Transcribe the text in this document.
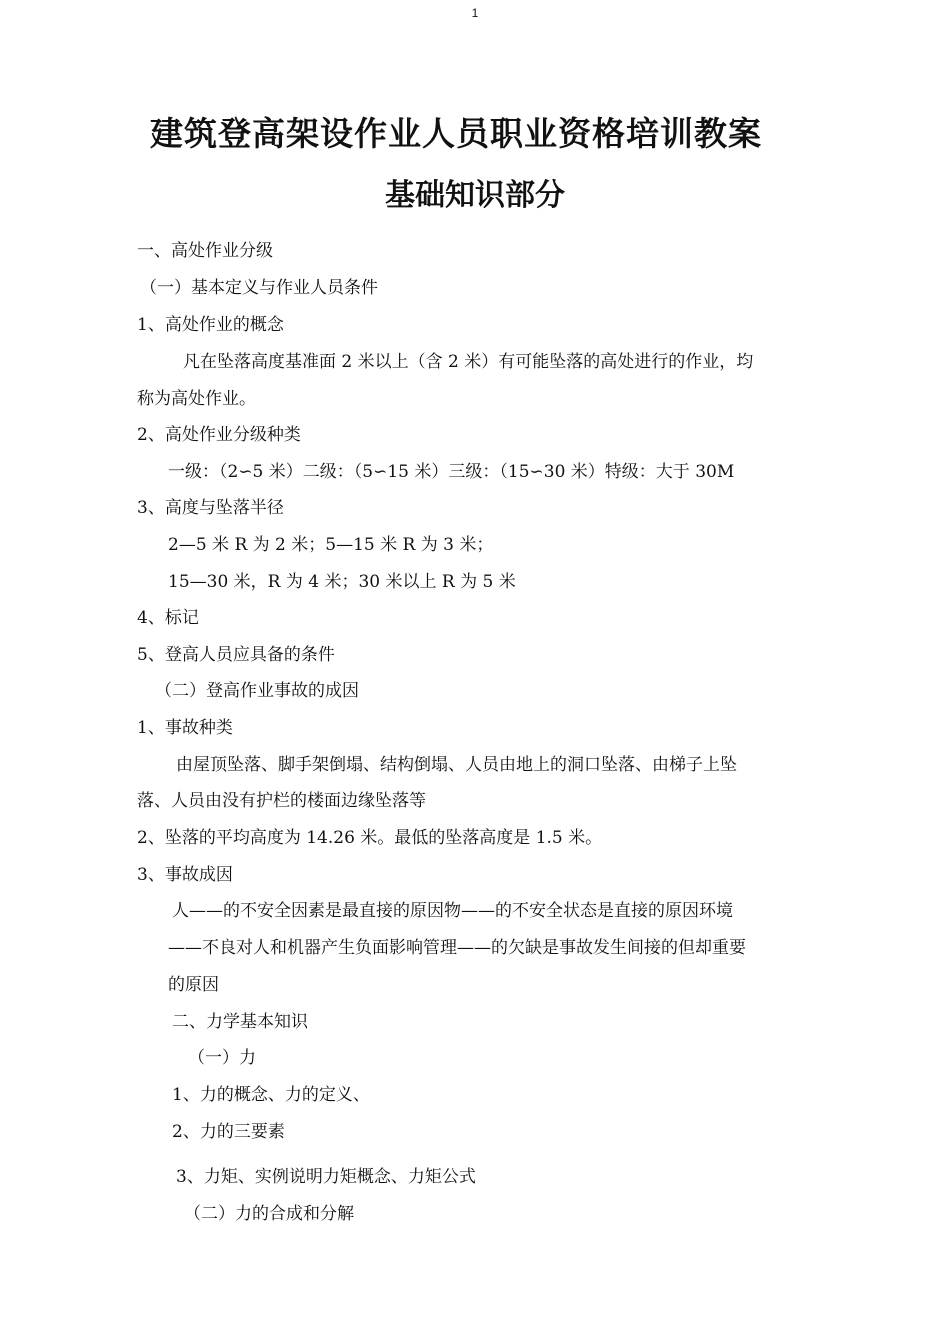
1
建筑登高架设作业人员职业资格培训教案
基础知识部分
一、高处作业分级
（一）基本定义与作业人员条件
1、高处作业的概念
凡在坠落高度基准面 2 米以上（含 2 米）有可能坠落的高处进行的作业，均
称为高处作业。
2、高处作业分级种类
一级：（2∽5 米）二级：（5∽15 米）三级：（15∽30 米）特级：大于 30M
3、高度与坠落半径
2—5 米 R 为 2 米；5—15 米 R 为 3 米；
15—30 米，R 为 4 米；30 米以上 R 为 5 米
4、标记
5、登高人员应具备的条件
（二）登高作业事故的成因
1、事故种类
由屋顶坠落、脚手架倒塌、结构倒塌、人员由地上的洞口坠落、由梯子上坠
落、人员由没有护栏的楼面边缘坠落等
2、坠落的平均高度为 14.26 米。最低的坠落高度是 1.5 米。
3、事故成因
人——的不安全因素是最直接的原因物——的不安全状态是直接的原因环境
——不良对人和机器产生负面影响管理——的欠缺是事故发生间接的但却重要
的原因
二、力学基本知识
（一）力
1、力的概念、力的定义、
2、力的三要素
3、力矩、实例说明力矩概念、力矩公式
（二）力的合成和分解
